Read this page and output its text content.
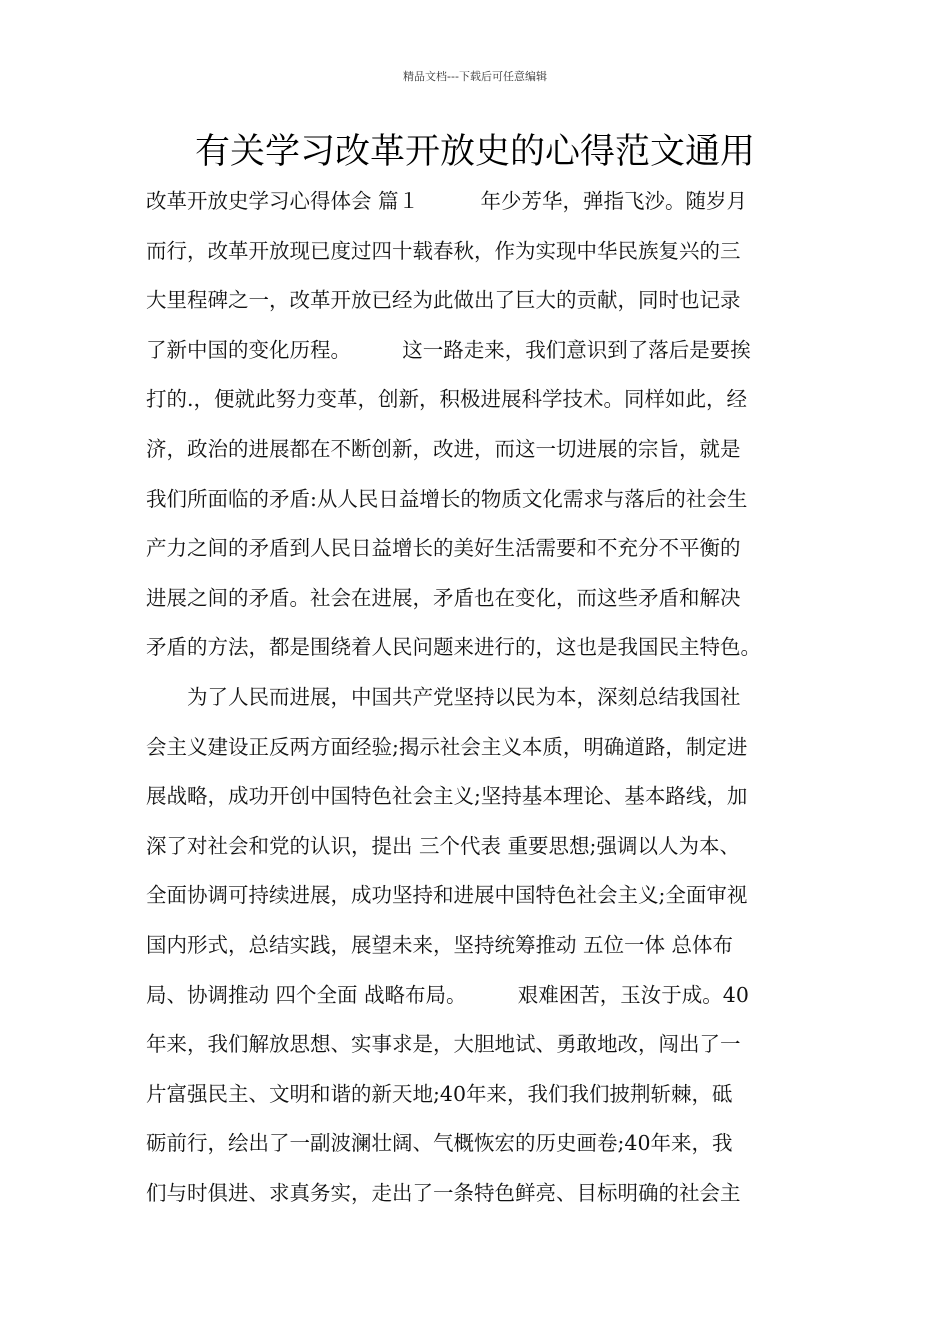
精品文档---下载后可任意编辑
有关学习改革开放史的心得范文通用
改革开放史学习心得体会 篇１　　　年少芳华，弹指飞沙。随岁月
而行，改革开放现已度过四十载春秋，作为实现中华民族复兴的三
大里程碑之一，改革开放已经为此做出了巨大的贡献，同时也记录
了新中国的变化历程。　　　这一路走来，我们意识到了落后是要挨
打的.，便就此努力变革，创新，积极进展科学技术。同样如此，经
济，政治的进展都在不断创新，改进，而这一切进展的宗旨，就是
我们所面临的矛盾:从人民日益增长的物质文化需求与落后的社会生
产力之间的矛盾到人民日益增长的美好生活需要和不充分不平衡的
进展之间的矛盾。社会在进展，矛盾也在变化，而这些矛盾和解决
矛盾的方法，都是围绕着人民问题来进行的，这也是我国民主特色。
　　为了人民而进展，中国共产党坚持以民为本，深刻总结我国社
会主义建设正反两方面经验;揭示社会主义本质，明确道路，制定进
展战略，成功开创中国特色社会主义;坚持基本理论、基本路线，加
深了对社会和党的认识，提出 三个代表 重要思想;强调以人为本、
全面协调可持续进展，成功坚持和进展中国特色社会主义;全面审视
国内形式，总结实践，展望未来，坚持统筹推动 五位一体 总体布
局、协调推动 四个全面 战略布局。　　　艰难困苦，玉汝于成。40
年来，我们解放思想、实事求是，大胆地试、勇敢地改，闯出了一
片富强民主、文明和谐的新天地;40年来，我们我们披荆斩棘，砥
砺前行，绘出了一副波澜壮阔、气概恢宏的历史画卷;40年来，我
们与时俱进、求真务实，走出了一条特色鲜亮、目标明确的社会主
